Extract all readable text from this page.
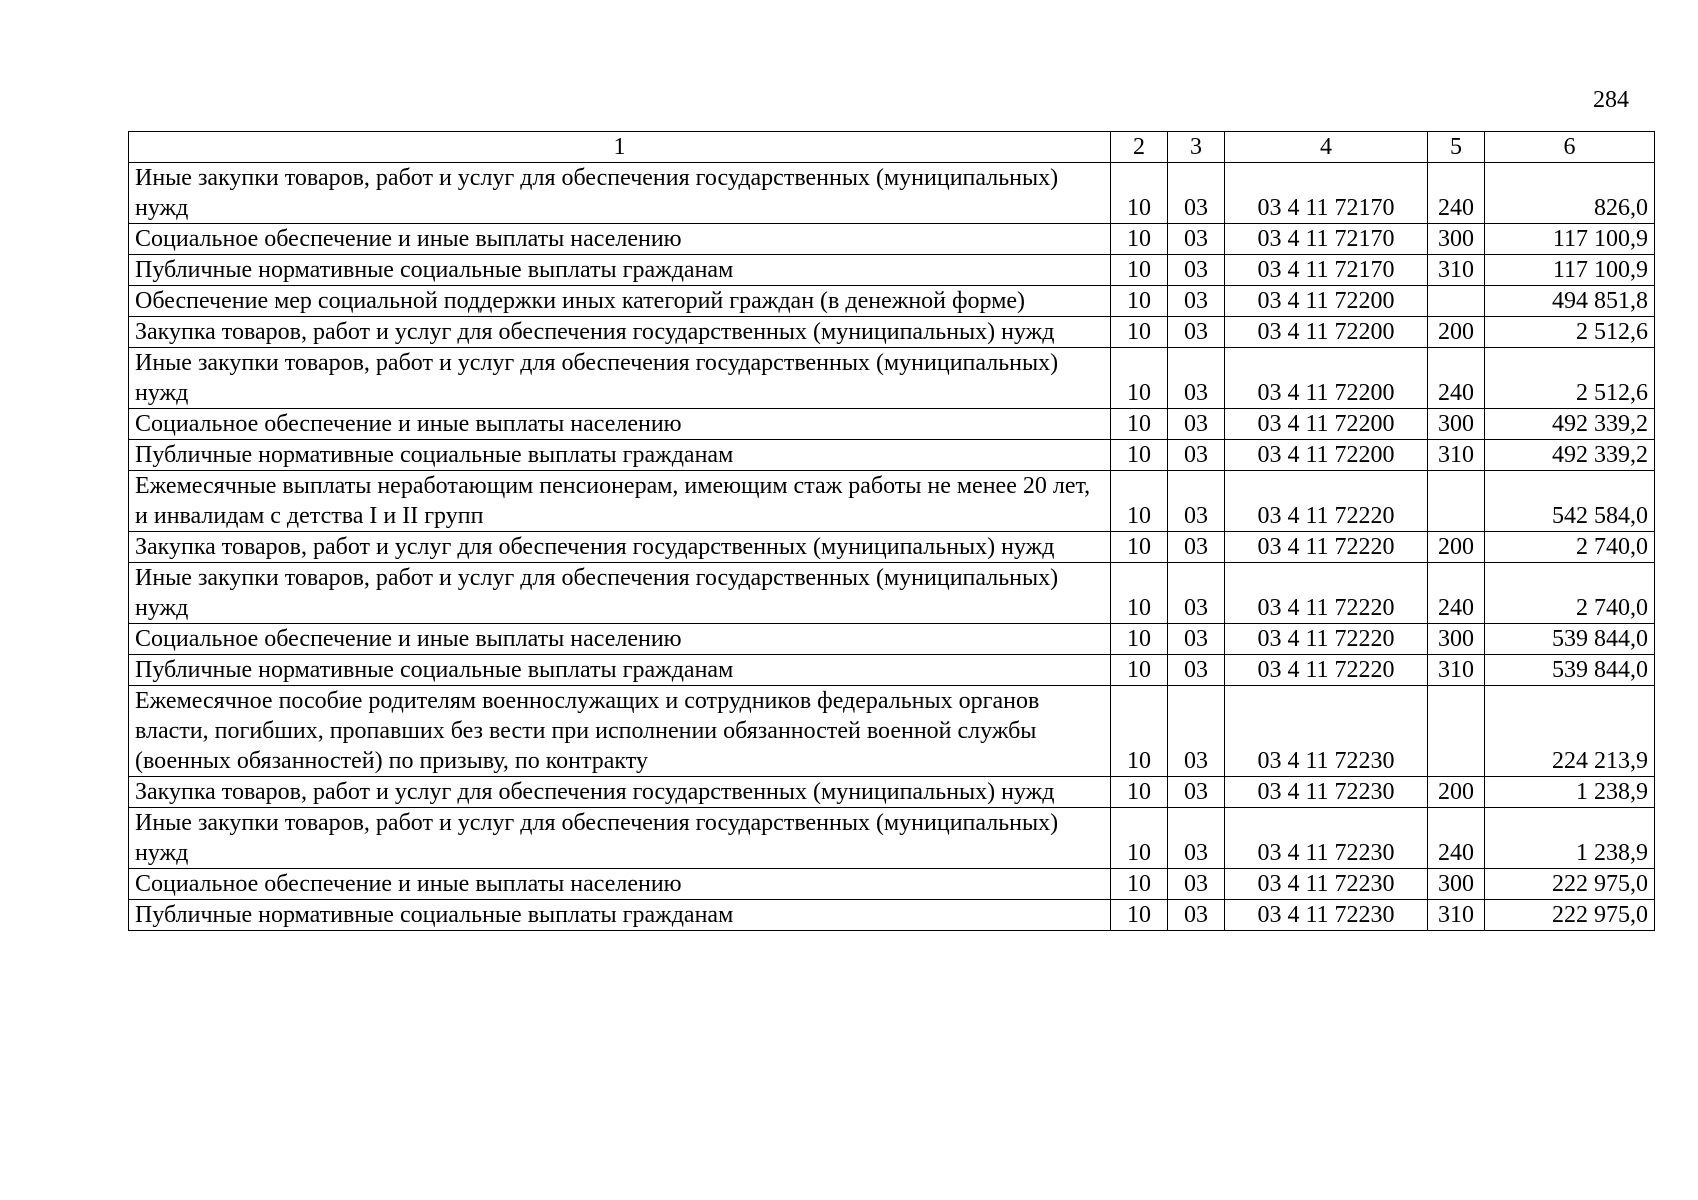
284
1	2	3	4	5	6
Иные закупки товаров, работ и услуг для обеспечения государственных (муниципальных) нужд	10	03	03 4 11 72170	240	826,0
Социальное обеспечение и иные выплаты населению	10	03	03 4 11 72170	300	117 100,9
Публичные нормативные социальные выплаты гражданам	10	03	03 4 11 72170	310	117 100,9
Обеспечение мер социальной поддержки иных категорий граждан (в денежной форме)	10	03	03 4 11 72200		494 851,8
Закупка товаров, работ и услуг для обеспечения государственных (муниципальных) нужд	10	03	03 4 11 72200	200	2 512,6
Иные закупки товаров, работ и услуг для обеспечения государственных (муниципальных) нужд	10	03	03 4 11 72200	240	2 512,6
Социальное обеспечение и иные выплаты населению	10	03	03 4 11 72200	300	492 339,2
Публичные нормативные социальные выплаты гражданам	10	03	03 4 11 72200	310	492 339,2
Ежемесячные выплаты неработающим пенсионерам, имеющим стаж работы не менее 20 лет, и инвалидам с детства I и II групп	10	03	03 4 11 72220		542 584,0
Закупка товаров, работ и услуг для обеспечения государственных (муниципальных) нужд	10	03	03 4 11 72220	200	2 740,0
Иные закупки товаров, работ и услуг для обеспечения государственных (муниципальных) нужд	10	03	03 4 11 72220	240	2 740,0
Социальное обеспечение и иные выплаты населению	10	03	03 4 11 72220	300	539 844,0
Публичные нормативные социальные выплаты гражданам	10	03	03 4 11 72220	310	539 844,0
Ежемесячное пособие родителям военнослужащих и сотрудников федеральных органов власти, погибших, пропавших без вести при исполнении обязанностей военной службы (военных обязанностей) по призыву, по контракту	10	03	03 4 11 72230		224 213,9
Закупка товаров, работ и услуг для обеспечения государственных (муниципальных) нужд	10	03	03 4 11 72230	200	1 238,9
Иные закупки товаров, работ и услуг для обеспечения государственных (муниципальных) нужд	10	03	03 4 11 72230	240	1 238,9
Социальное обеспечение и иные выплаты населению	10	03	03 4 11 72230	300	222 975,0
Публичные нормативные социальные выплаты гражданам	10	03	03 4 11 72230	310	222 975,0
